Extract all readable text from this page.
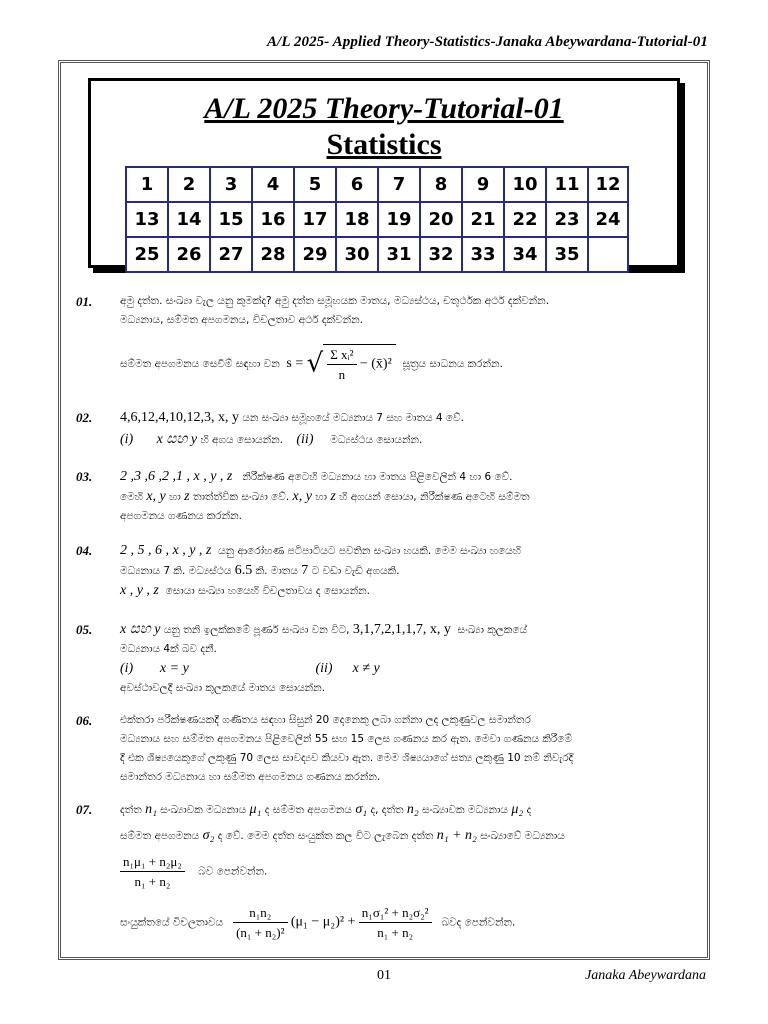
A/L 2025- Applied Theory-Statistics-Janaka Abeywardana-Tutorial-01
A/L 2025 Theory-Tutorial-01
Statistics
1	2	3	4	5	6	7	8	9	10	11	12
13	14	15	16	17	18	19	20	21	22	23	24
25	26	27	28	29	30	31	32	33	34	35	
01.	අමු දත්ත. සංඛ්‍යා වැල යනු කුමක්ද? අමු දත්ත සමූහයක මාතය, මධ්‍යස්ථය, චතුර්ථක අර්ථ දක්වන්න.
මධ්‍යනාය, සම්මත අපගමනය, විචලතාව අර්ථ දක්වන්න.
සම්මත අපගමනය සෙවීම් සඳහා වන s = √ $\frac{\text{Σ xᵢ²}}{n}$ − (x̄)² සූත්‍රය සාධනය කරන්න.
02. 4,6,12,4,10,12,3, x, y යන සංඛ්‍යා සමූහයේ මධ්‍යනාය 7 සහ මාතය 4 වේ.
(i) x සහ y හි අගය සොයන්න. (ii) මධ්‍යස්ථය සොයන්න.
03. 2 ,3 ,6 ,2 ,1 , x , y , z නිරීක්ෂණ අටෙහි මධ්‍යනාය හා මාතය පිළිවෙලින් 4 හා 6 වේ.
මෙහි x, y හා z තාත්ත්වික සංඛ්‍යා වේ. x, y හා z හි අගයන් සොයා, නිරීක්ෂණ අටෙහි සම්මත
අපගමනය ගණනය කරන්න.
04. 2 , 5 , 6 , x , y , z යනු ආරෝහණ පටිපාටියට පවතින සංඛ්‍යා හයකි. මෙම සංඛ්‍යා හයෙහි
මධ්‍යනාය 7 කි. මධ්‍යස්ථය 6.5 කි. මාතය 7 ට වඩා වැඩි අගයකි.
x , y , z සොයා සංඛ්‍යා හයෙහි විචලතාවය ද සොයන්න.
05. x සහ y යනු තනි ඉලක්කමේ පූර්ණ සංඛ්‍යා වන විට, 3,1,7,2,1,1,7, x, y සංඛ්‍යා කුලකයේ
මධ්‍යනාය 4ක් බව දනී.
(i) x = y	(ii) x ≠ y
අවස්ථාවලදී සංඛ්‍යා කුලකයේ මාතය සොයන්න.
06.	එක්තරා පරීක්ෂණයකදී ගණිතය සඳහා සිසුන් 20 දෙනෙකු ලබා ගන්නා ලද ලකුණුවල සමාන්තර
මධ්‍යනාය සහ සම්මත අපගමනය පිළිවෙලින් 55 සහ 15 ලෙස ගණනය කර ඇත. මෙවා ගණනය කිරීමේ
දී එක ශිෂ්‍යයෙකුගේ ලකුණු 70 ලෙස සාවද්‍යව කියවා ඇත. මෙම ශිෂ්‍යයාගේ සත්‍ය ලකුණු 10 නම් නිවැරදි
සමාන්තර මධ්‍යනාය හා සම්මත අපගමනය ගණනය කරන්න.
07.	දත්ත n₁ සංඛ්‍යාවක මධ්‍යනාය μ₁ ද සම්මත අපගමනය σ₁ ද, දත්ත n₂ සංඛ්‍යාවක මධ්‍යනාය μ₂ ද
සම්මත අපගමනය σ₂ ද වේ. මෙම දත්ත සංයුක්ත කල විට ලැබෙන දත්ත n₁ + n₂ සංඛ්‍යාවේ මධ්‍යනාය
$\frac{\text{n₁μ₁ + n₂μ₂}}{\text{n₁ + n₂}}$ බව පෙන්වන්න.
සංයුක්තයේ විචලතාවය $\frac{\text{n₁n₂}}{\text{(n₁ + n₂)²}} (\mu_1 - \mu_2)^2 + \frac{\text{n₁σ₁² + n₂σ₂²}}{\text{n₁ + n₂}}$ බවද පෙන්වන්න.
01	Janaka Abeywardana
